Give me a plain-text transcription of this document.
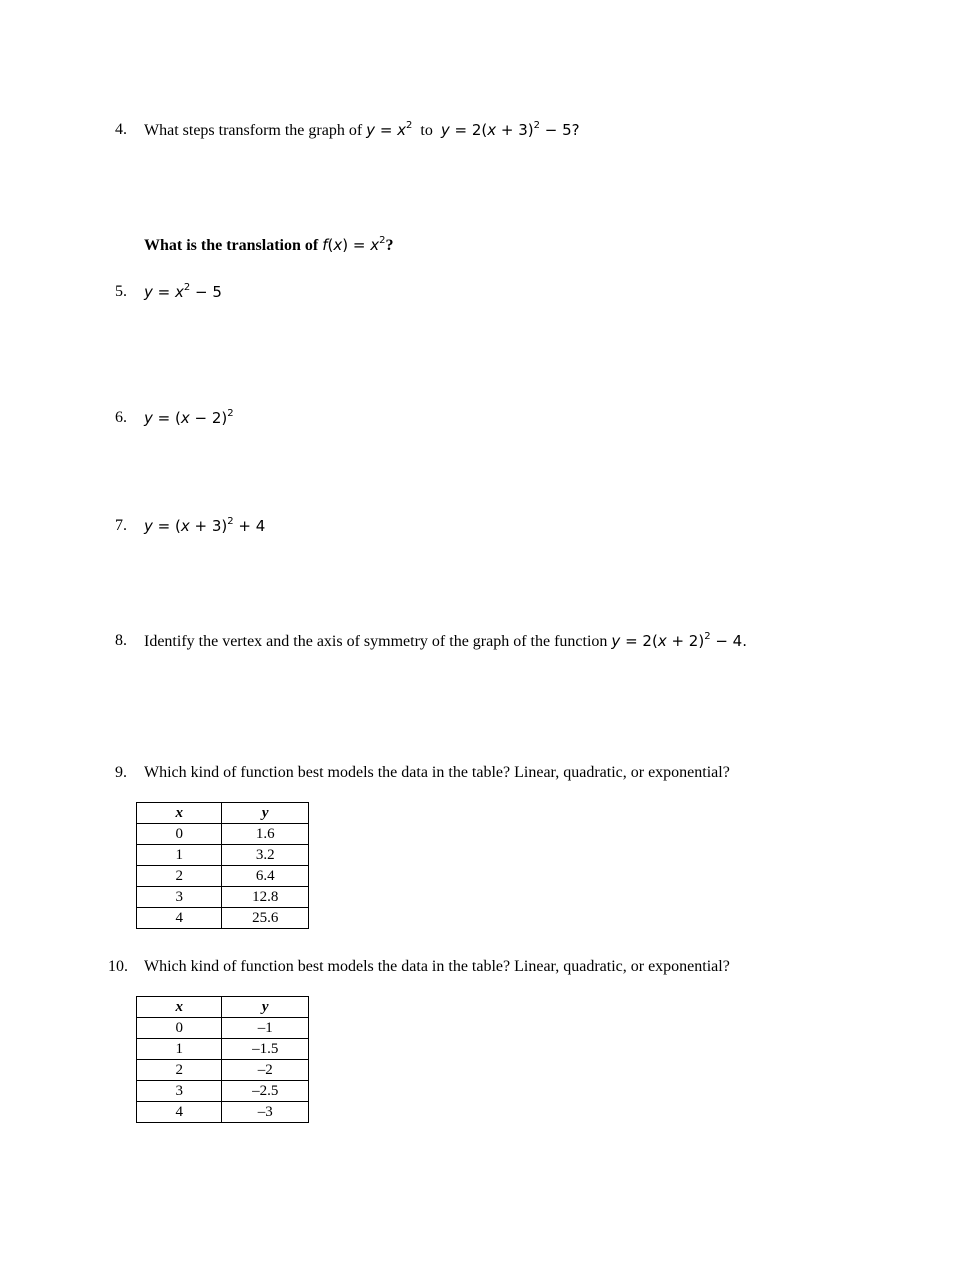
4. What steps transform the graph of $y = x^2$ to $y = 2(x + 3)^2 - 5$?
What is the translation of $f(x) = x^2$?
5. $y = x^2 - 5$
6. $y = (x - 2)^2$
7. $y = (x + 3)^2 + 4$
8. Identify the vertex and the axis of symmetry of the graph of the function $y = 2(x + 2)^2 - 4$.
9. Which kind of function best models the data in the table? Linear, quadratic, or exponential?
x	y
0	1.6
1	3.2
2	6.4
3	12.8
4	25.6
10. Which kind of function best models the data in the table? Linear, quadratic, or exponential?
x	y
0	–1
1	–1.5
2	–2
3	–2.5
4	–3
